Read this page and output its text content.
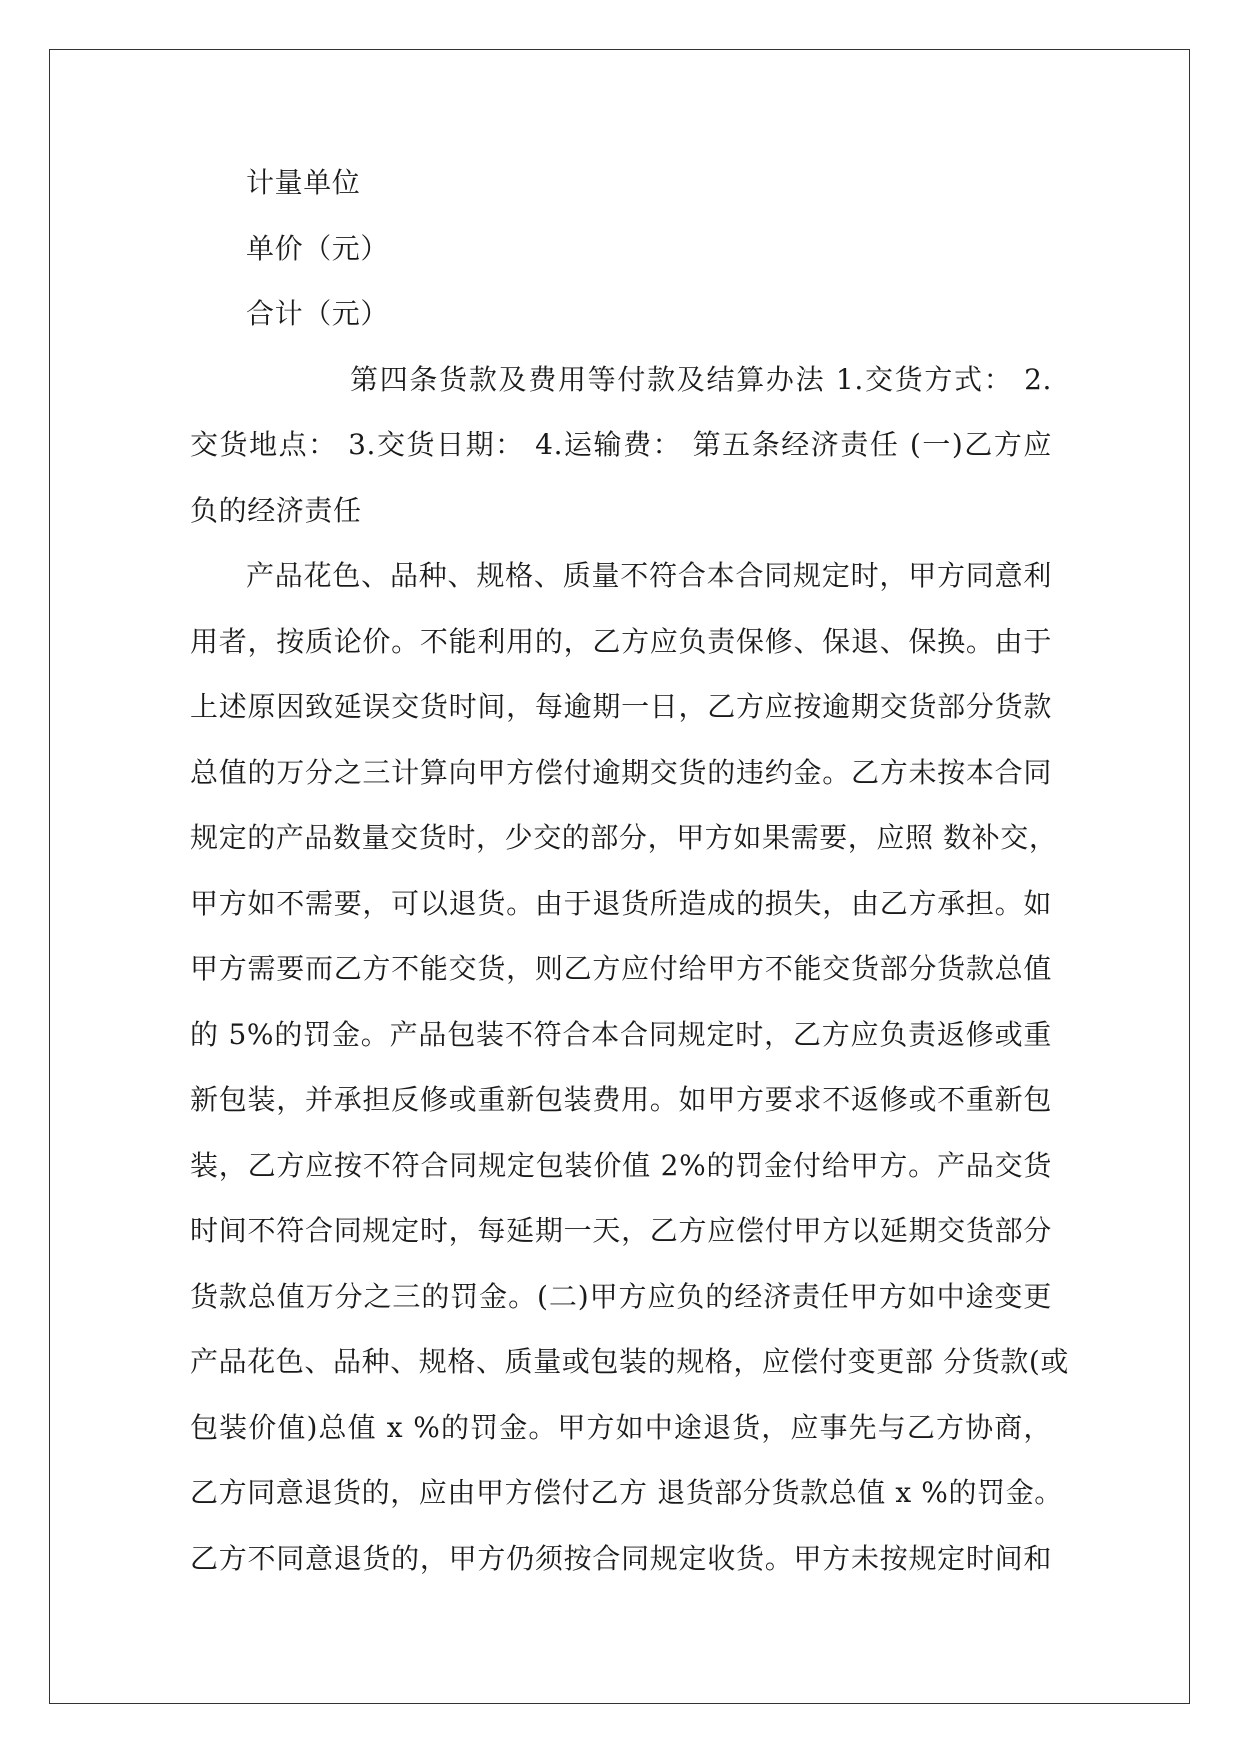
计量单位
单价（元）
合计（元）
第四条货款及费用等付款及结算办法 1.交货方式： 2.
交货地点： 3.交货日期： 4.运输费： 第五条经济责任 (一)乙方应
负的经济责任
产品花色、品种、规格、质量不符合本合同规定时，甲方同意利
用者，按质论价。不能利用的，乙方应负责保修、保退、保换。由于
上述原因致延误交货时间，每逾期一日，乙方应按逾期交货部分货款
总值的万分之三计算向甲方偿付逾期交货的违约金。乙方未按本合同
规定的产品数量交货时，少交的部分，甲方如果需要，应照 数补交，
甲方如不需要，可以退货。由于退货所造成的损失，由乙方承担。如
甲方需要而乙方不能交货，则乙方应付给甲方不能交货部分货款总值
的 5%的罚金。产品包装不符合本合同规定时，乙方应负责返修或重
新包装，并承担反修或重新包装费用。如甲方要求不返修或不重新包
装，乙方应按不符合同规定包装价值 2%的罚金付给甲方。产品交货
时间不符合同规定时，每延期一天，乙方应偿付甲方以延期交货部分
货款总值万分之三的罚金。(二)甲方应负的经济责任甲方如中途变更
产品花色、品种、规格、质量或包装的规格，应偿付变更部 分货款(或
包装价值)总值 x %的罚金。甲方如中途退货，应事先与乙方协商，
乙方同意退货的，应由甲方偿付乙方 退货部分货款总值 x %的罚金。
乙方不同意退货的，甲方仍须按合同规定收货。甲方未按规定时间和
